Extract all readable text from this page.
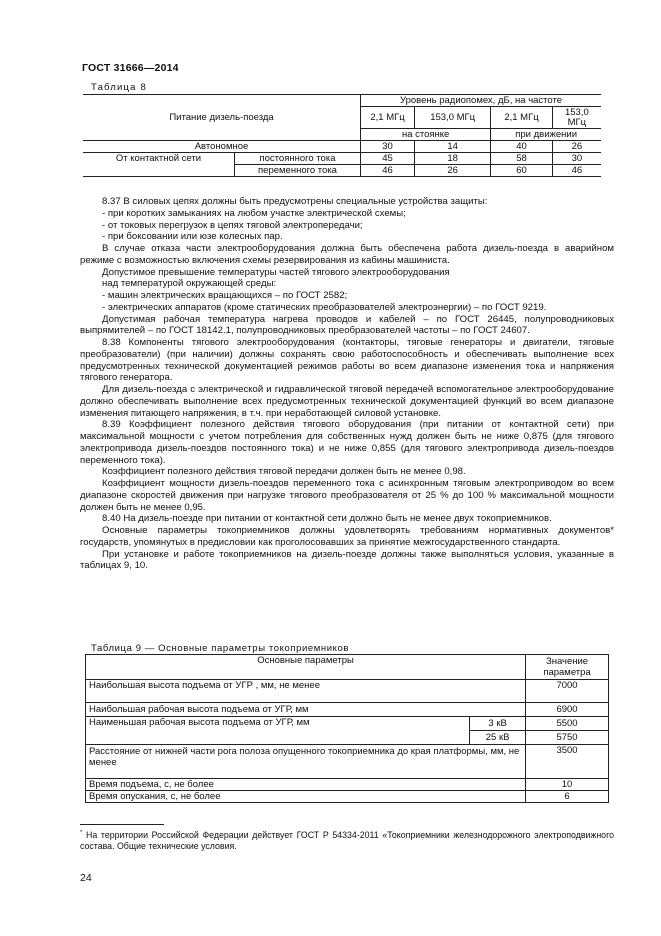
ГОСТ 31666—2014
Таблица 8
Питание дизель-поезда		Уровень радиопомех, дБ, на частоте			
		2,1 МГц	153,0 МГц	2,1 МГц	153,0 МГц
		на стоянке		при движении	
Автономное		30	14	40	26
От контактной сети	постоянного тока	45	18	58	30
	переменного тока	46	26	60	46

8.37 В силовых цепях должны быть предусмотрены специальные устройства защиты:

- при коротких замыканиях на любом участке электрической схемы;

- от токовых перегрузок в цепях тяговой электропередачи;

- при боксовании или юзе колесных пар.

В случае отказа части электрооборудования должна быть обеспечена работа дизель-поезда в аварийном режиме с возможностью включения схемы резервирования из кабины машиниста.

Допустимое превышение температуры частей тягового электрооборудования

над температурой окружающей среды:

- машин электрических вращающихся – по ГОСТ 2582;

- электрических аппаратов (кроме статических преобразователей электроэнергии) – по ГОСТ 9219.

Допустимая рабочая температура нагрева проводов и кабелей – по ГОСТ 26445, полупроводниковых выпрямителей – по ГОСТ 18142.1, полупроводниковых преобразователей частоты – по ГОСТ 24607.

8.38 Компоненты тягового электрооборудования (контакторы, тяговые генераторы и двигатели, тяговые преобразователи) (при наличии) должны сохранять свою работоспособность и обеспечивать выполнение всех предусмотренных технической документацией режимов работы во всем диапазоне изменения тока и напряжения тягового генератора.

Для дизель-поезда с электрической и гидравлической тяговой передачей вспомогательное электрооборудование должно обеспечивать выполнение всех предусмотренных технической документацией функций во всем диапазоне изменения питающего напряжения, в т.ч. при неработающей силовой установке.

8.39 Коэффициент полезного действия тягового оборудования (при питании от контактной сети) при максимальной мощности с учетом потребления для собственных нужд должен быть не ниже 0,875 (для тягового электропривода дизель-поездов постоянного тока) и не ниже 0,855 (для тягового электропривода дизель-поездов переменного тока).

Коэффициент полезного действия тяговой передачи должен быть не менее 0,98.

Коэффициент мощности дизель-поездов переменного тока с асинхронным тяговым электроприводом во всем диапазоне скоростей движения при нагрузке тягового преобразователя от 25 % до 100 % максимальной мощности должен быть не менее 0,95.

8.40 На дизель-поезде при питании от контактной сети должно быть не менее двух токоприемников.

Основные параметры токоприемников должны удовлетворять требованиям нормативных документов* государств, упомянутых в предисловии как проголосовавших за принятие межгосударственного стандарта.

При установке и работе токоприемников на дизель-поезде должны также выполняться условия, указанные в таблицах 9, 10.

Таблица 9 — Основные параметры токоприемников
Основные параметры		Значение параметра
Наибольшая высота подъема от УГР , мм, не менее		7000
Наибольшая рабочая высота подъема от УГР, мм		6900
Наименьшая рабочая высота подъема от УГР, мм	3 кВ	5500
	25 кВ	5750
Расстояние от нижней части рога полоза опущенного токоприемника до края платформы, мм, не менее		3500
Время подъема, с, не более		10
Время опускания, с, не более		6
* На территории Российской Федерации действует ГОСТ Р 54334-2011 «Токоприемники железнодорожного электроподвижного состава. Общие технические условия.
24
